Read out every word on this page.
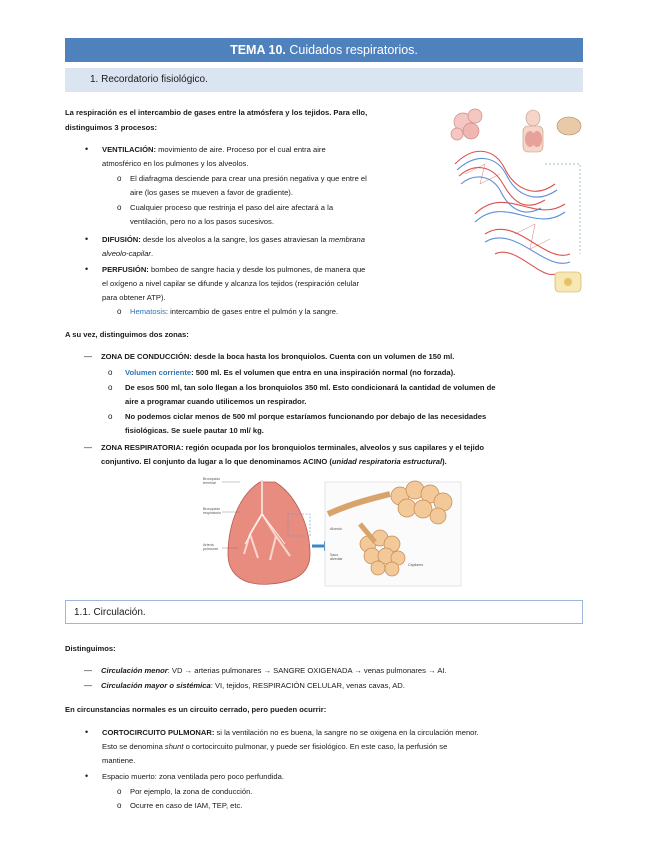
TEMA 10. Cuidados respiratorios.
1. Recordatorio fisiológico.
La respiración es el intercambio de gases entre la atmósfera y los tejidos. Para ello,
distinguimos 3 procesos:
• VENTILACIÓN: movimiento de aire. Proceso por el cual entra aire
atmosférico en los pulmones y los alveolos.
o El diafragma desciende para crear una presión negativa y que entre el
aire (los gases se mueven a favor de gradiente).
o Cualquier proceso que restrinja el paso del aire afectará a la
ventilación, pero no a los pasos sucesivos.
• DIFUSIÓN: desde los alveolos a la sangre, los gases atraviesan la membrana
alveolo-capilar.
• PERFUSIÓN: bombeo de sangre hacia y desde los pulmones, de manera que
el oxígeno a nivel capilar se difunde y alcanza los tejidos (respiración celular
para obtener ATP).
o Hematosis: intercambio de gases entre el pulmón y la sangre.
A su vez, distinguimos dos zonas:
— ZONA DE CONDUCCIÓN: desde la boca hasta los bronquiolos. Cuenta con un volumen de 150 ml.
o Volumen corriente: 500 ml. Es el volumen que entra en una inspiración normal (no forzada).
o De esos 500 ml, tan solo llegan a los bronquiolos 350 ml. Esto condicionará la cantidad de volumen de
aire a programar cuando utilicemos un respirador.
o No podemos ciclar menos de 500 ml porque estaríamos funcionando por debajo de las necesidades
fisiológicas. Se suele pautar 10 ml/ kg.
— ZONA RESPIRATORIA: región ocupada por los bronquiolos terminales, alveolos y sus capilares y el tejido
conjuntivo. El conjunto da lugar a lo que denominamos ACINO (unidad respiratoria estructural).
Bronquiolo
terminal
Bronquiolo
respiratorio
Arteria
pulmonar
Alveolo
Saco
alveolar
Capilares
1.1. Circulación.
Distinguimos:
— Circulación menor: VD → arterias pulmonares → SANGRE OXIGENADA → venas pulmonares → AI.
— Circulación mayor o sistémica: VI, tejidos, RESPIRACIÓN CELULAR, venas cavas, AD.
En circunstancias normales es un circuito cerrado, pero pueden ocurrir:
• CORTOCIRCUITO PULMONAR: si la ventilación no es buena, la sangre no se oxigena en la circulación menor.
Esto se denomina shunt o cortocircuito pulmonar, y puede ser fisiológico. En este caso, la perfusión se
mantiene.
• Espacio muerto: zona ventilada pero poco perfundida.
o Por ejemplo, la zona de conducción.
o Ocurre en caso de IAM, TEP, etc.
